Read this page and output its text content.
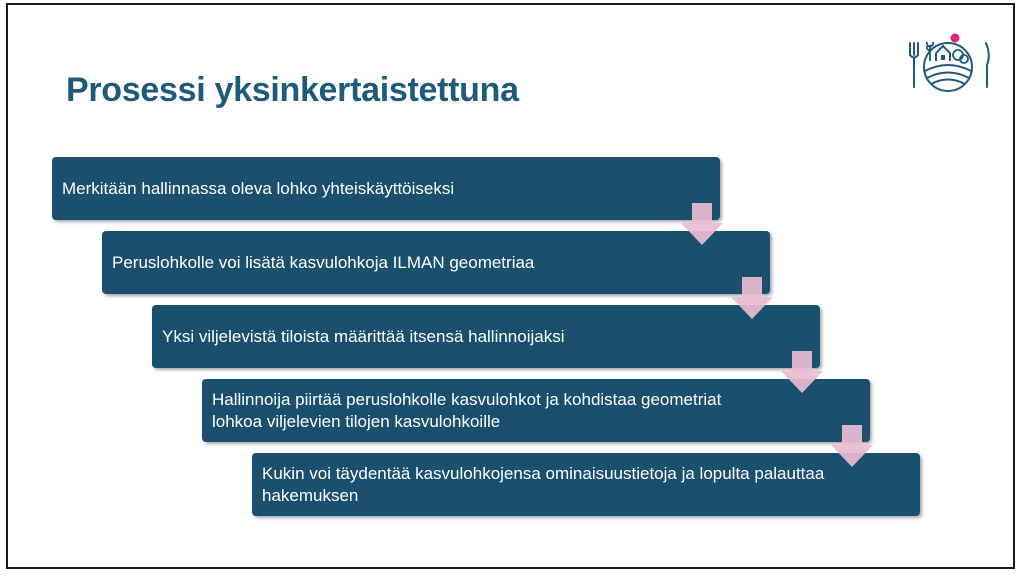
Prosessi yksinkertaistettuna
Merkitään hallinnassa oleva lohko yhteiskäyttöiseksi
Peruslohkolle voi lisätä kasvulohkoja ILMAN geometriaa
Yksi viljelevistä tiloista määrittää itsensä hallinnoijaksi
Hallinnoija piirtää peruslohkolle kasvulohkot ja kohdistaa geometriat lohkoa viljelevien tilojen kasvulohkoille
Kukin voi täydentää kasvulohkojensa ominaisuustietoja ja lopulta palauttaa hakemuksen
